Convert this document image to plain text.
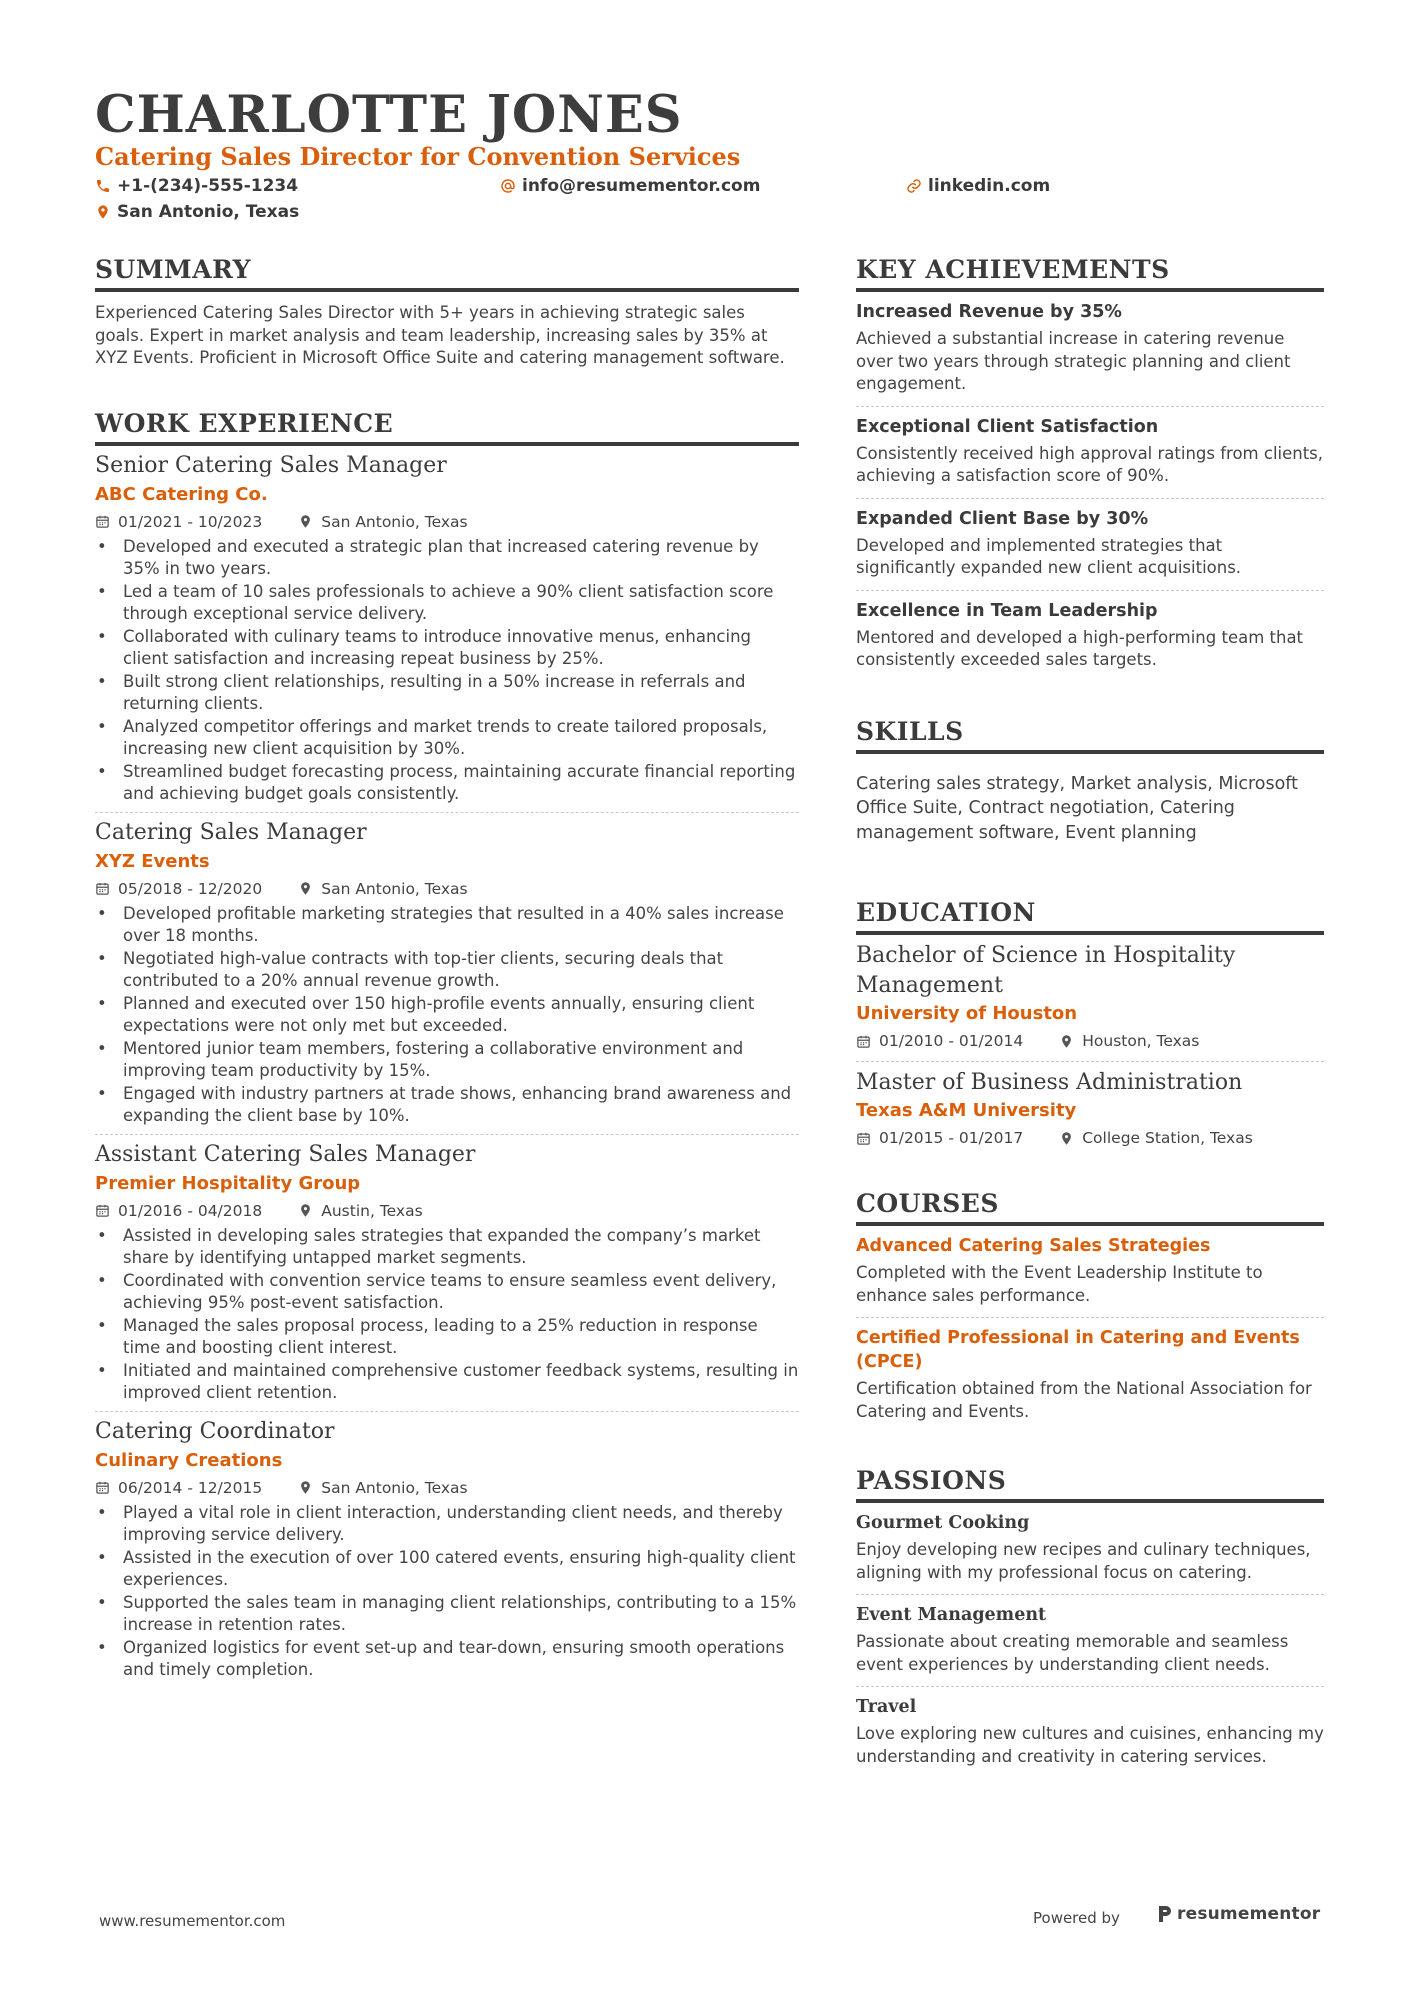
CHARLOTTE JONES
Catering Sales Director for Convention Services
+1-(234)-555-1234	info@resumementor.com	linkedin.com
San Antonio, Texas
SUMMARY

Experienced Catering Sales Director with 5+ years in achieving strategic sales goals. Expert in market analysis and team leadership, increasing sales by 35% at XYZ Events. Proficient in Microsoft Office Suite and catering management software.

WORK EXPERIENCE

Senior Catering Sales Manager

ABC Catering Co.

01/2021 - 10/2023	San Antonio, Texas
• Developed and executed a strategic plan that increased catering revenue by 35% in two years.
• Led a team of 10 sales professionals to achieve a 90% client satisfaction score through exceptional service delivery.
• Collaborated with culinary teams to introduce innovative menus, enhancing client satisfaction and increasing repeat business by 25%.
• Built strong client relationships, resulting in a 50% increase in referrals and returning clients.
• Analyzed competitor offerings and market trends to create tailored proposals, increasing new client acquisition by 30%.
• Streamlined budget forecasting process, maintaining accurate financial reporting and achieving budget goals consistently.

Catering Sales Manager

XYZ Events

05/2018 - 12/2020	San Antonio, Texas
• Developed profitable marketing strategies that resulted in a 40% sales increase over 18 months.
• Negotiated high-value contracts with top-tier clients, securing deals that contributed to a 20% annual revenue growth.
• Planned and executed over 150 high-profile events annually, ensuring client expectations were not only met but exceeded.
• Mentored junior team members, fostering a collaborative environment and improving team productivity by 15%.
• Engaged with industry partners at trade shows, enhancing brand awareness and expanding the client base by 10%.

Assistant Catering Sales Manager

Premier Hospitality Group

01/2016 - 04/2018	Austin, Texas
• Assisted in developing sales strategies that expanded the company’s market share by identifying untapped market segments.
• Coordinated with convention service teams to ensure seamless event delivery, achieving 95% post-event satisfaction.
• Managed the sales proposal process, leading to a 25% reduction in response time and boosting client interest.
• Initiated and maintained comprehensive customer feedback systems, resulting in improved client retention.

Catering Coordinator

Culinary Creations

06/2014 - 12/2015	San Antonio, Texas
• Played a vital role in client interaction, understanding client needs, and thereby improving service delivery.
• Assisted in the execution of over 100 catered events, ensuring high-quality client experiences.
• Supported the sales team in managing client relationships, contributing to a 15% increase in retention rates.
• Organized logistics for event set-up and tear-down, ensuring smooth operations and timely completion.
KEY ACHIEVEMENTS

Increased Revenue by 35%

Achieved a substantial increase in catering revenue over two years through strategic planning and client engagement.

Exceptional Client Satisfaction

Consistently received high approval ratings from clients, achieving a satisfaction score of 90%.

Expanded Client Base by 30%

Developed and implemented strategies that significantly expanded new client acquisitions.

Excellence in Team Leadership

Mentored and developed a high-performing team that consistently exceeded sales targets.

SKILLS

Catering sales strategy, Market analysis, Microsoft Office Suite, Contract negotiation, Catering management software, Event planning

EDUCATION

Bachelor of Science in Hospitality Management

University of Houston

01/2010 - 01/2014	Houston, Texas

Master of Business Administration

Texas A&M University

01/2015 - 01/2017	College Station, Texas
COURSES

Advanced Catering Sales Strategies

Completed with the Event Leadership Institute to enhance sales performance.

Certified Professional in Catering and Events (CPCE)

Certification obtained from the National Association for Catering and Events.

PASSIONS

Gourmet Cooking

Enjoy developing new recipes and culinary techniques, aligning with my professional focus on catering.

Event Management

Passionate about creating memorable and seamless event experiences by understanding client needs.

Travel

Love exploring new cultures and cuisines, enhancing my understanding and creativity in catering services.

www.resumementor.com	Powered by	resumementor
